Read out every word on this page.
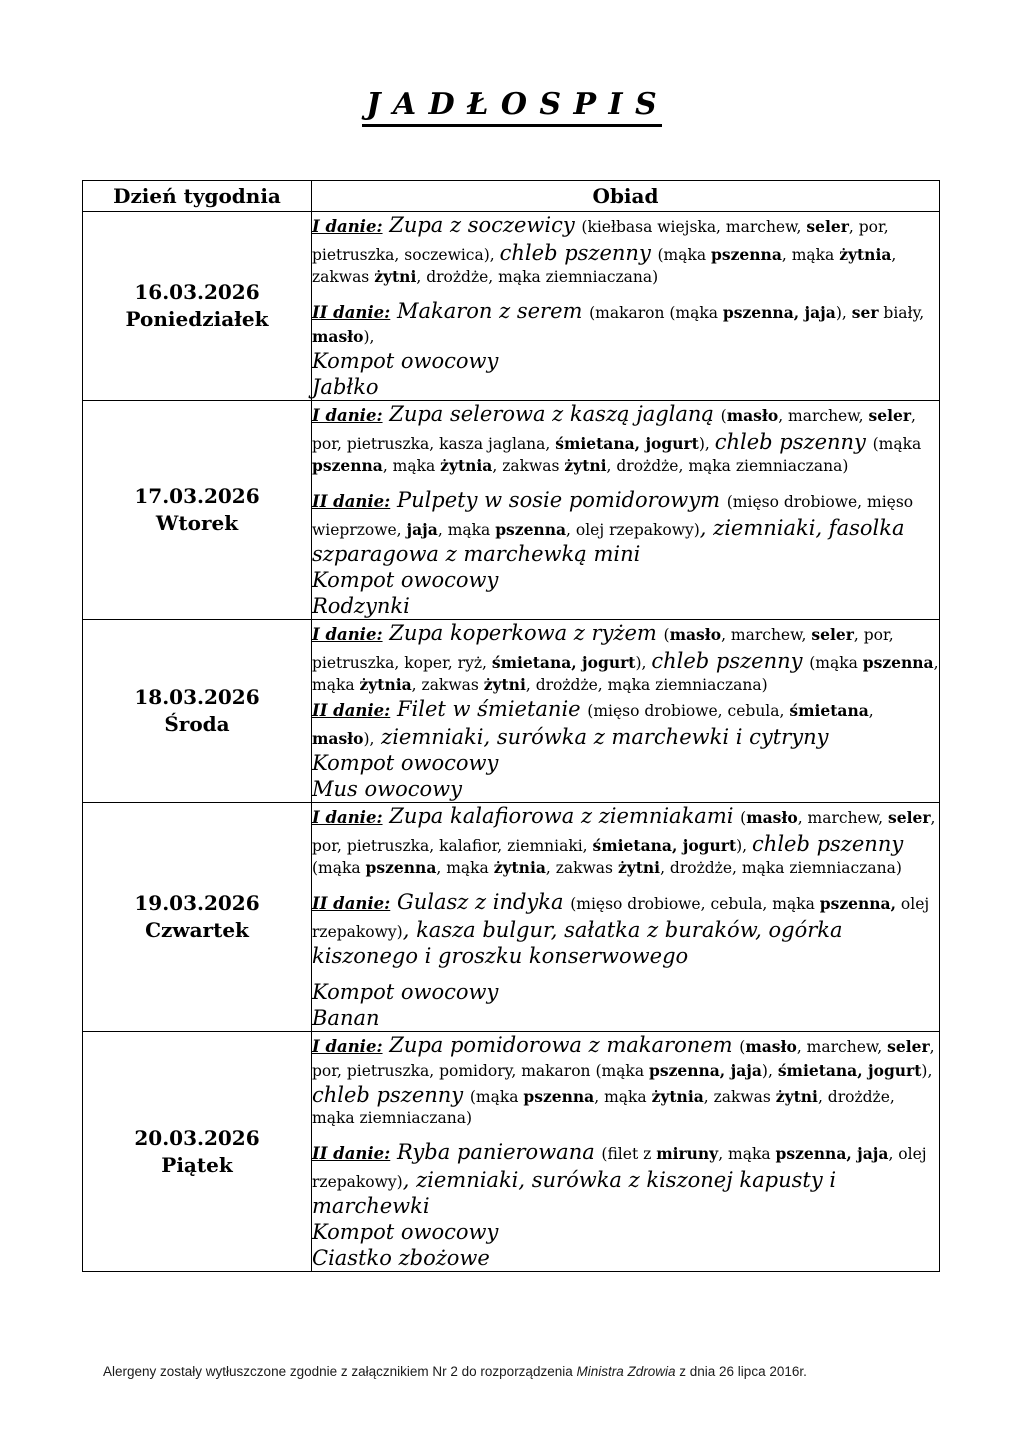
J A D Ł O S P I S
Dzień tygodnia	Obiad

16.03.2026
Poniedziałek

I danie: Zupa z soczewicy (kiełbasa wiejska, marchew, seler, por, pietruszka, soczewica), chleb pszenny (mąka pszenna, mąka żytnia, zakwas żytni, drożdże, mąka ziemniaczana)
II danie: Makaron z serem (makaron (mąka pszenna, jaja), ser biały, masło),
Kompot owocowy
Jabłko

17.03.2026
Wtorek

I danie: Zupa selerowa z kaszą jaglaną (masło, marchew, seler, por, pietruszka, kasza jaglana, śmietana, jogurt), chleb pszenny (mąka pszenna, mąka żytnia, zakwas żytni, drożdże, mąka ziemniaczana)
II danie: Pulpety w sosie pomidorowym (mięso drobiowe, mięso wieprzowe, jaja, mąka pszenna, olej rzepakowy), ziemniaki, fasolka szparagowa z marchewką mini
Kompot owocowy
Rodzynki

18.03.2026
Środa

I danie: Zupa koperkowa z ryżem (masło, marchew, seler, por, pietruszka, koper, ryż, śmietana, jogurt), chleb pszenny (mąka pszenna, mąka żytnia, zakwas żytni, drożdże, mąka ziemniaczana)
II danie: Filet w śmietanie (mięso drobiowe, cebula, śmietana, masło), ziemniaki, surówka z marchewki i cytryny
Kompot owocowy
Mus owocowy

19.03.2026
Czwartek

I danie: Zupa kalafiorowa z ziemniakami (masło, marchew, seler, por, pietruszka, kalafior, ziemniaki, śmietana, jogurt), chleb pszenny (mąka pszenna, mąka żytnia, zakwas żytni, drożdże, mąka ziemniaczana)
II danie: Gulasz z indyka (mięso drobiowe, cebula, mąka pszenna, olej rzepakowy), kasza bulgur, sałatka z buraków, ogórka kiszonego i groszku konserwowego
Kompot owocowy
Banan

20.03.2026
Piątek

I danie: Zupa pomidorowa z makaronem (masło, marchew, seler, por, pietruszka, pomidory, makaron (mąka pszenna, jaja), śmietana, jogurt), chleb pszenny (mąka pszenna, mąka żytnia, zakwas żytni, drożdże, mąka ziemniaczana)
II danie: Ryba panierowana (filet z miruny, mąka pszenna, jaja, olej rzepakowy), ziemniaki, surówka z kiszonej kapusty i marchewki
Kompot owocowy
Ciastko zbożowe
Alergeny zostały wytłuszczone zgodnie z załącznikiem Nr 2 do rozporządzenia Ministra Zdrowia z dnia 26 lipca 2016r.
